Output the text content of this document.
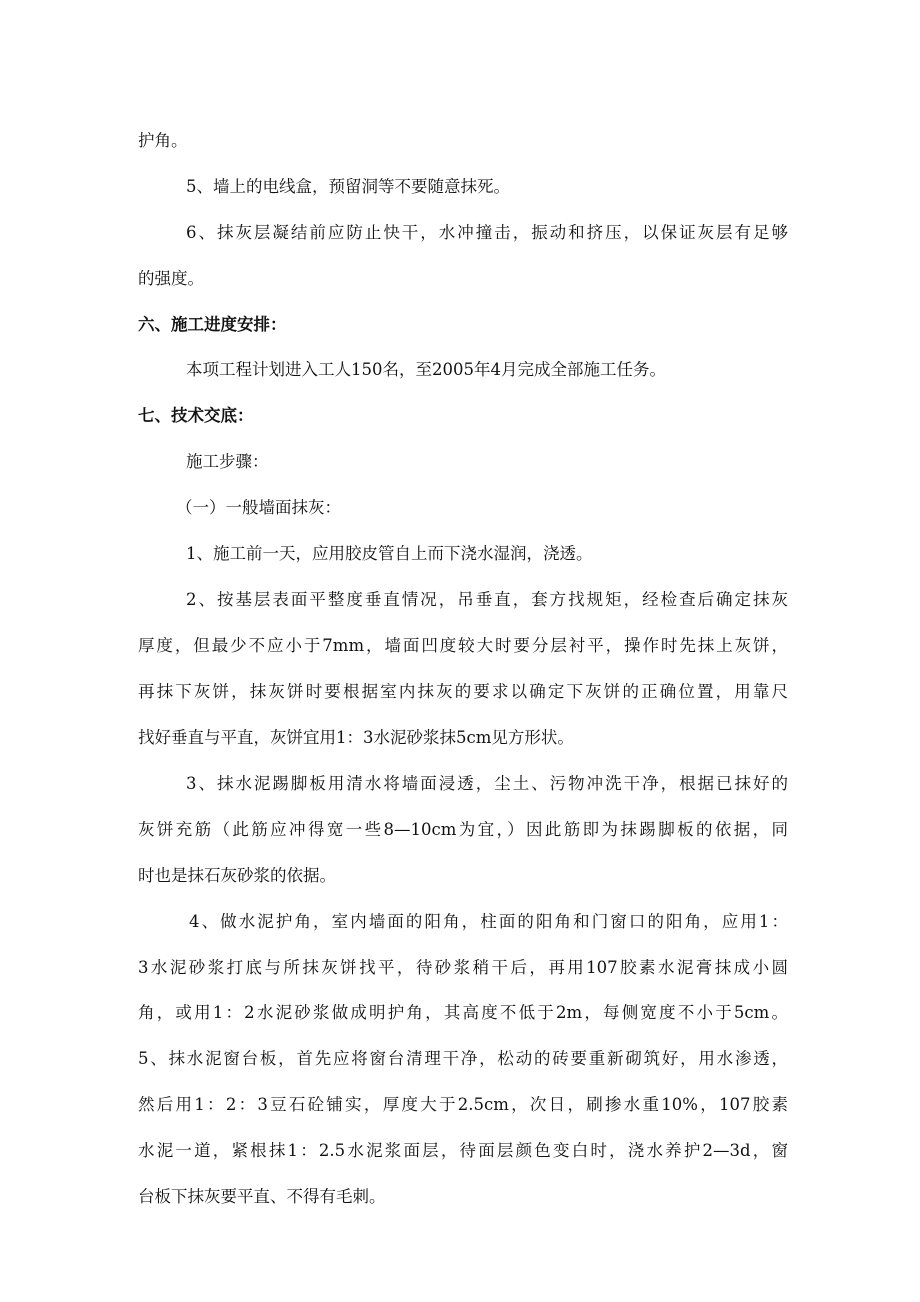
护角。
5、墙上的电线盒，预留洞等不要随意抹死。
6、抹灰层凝结前应防止快干，水冲撞击，振动和挤压，以保证灰层有足够
的强度。
六、施工进度安排：
本项工程计划进入工人150名，至2005年4月完成全部施工任务。
七、技术交底：
施工步骤：
（一）一般墙面抹灰：
1、施工前一天，应用胶皮管自上而下浇水湿润，浇透。
2、按基层表面平整度垂直情况，吊垂直，套方找规矩，经检查后确定抹灰
厚度，但最少不应小于7mm，墙面凹度较大时要分层衬平，操作时先抹上灰饼，
再抹下灰饼，抹灰饼时要根据室内抹灰的要求以确定下灰饼的正确位置，用靠尺
找好垂直与平直，灰饼宜用1：3水泥砂浆抹5cm见方形状。
3、抹水泥踢脚板用清水将墙面浸透，尘土、污物冲洗干净，根据已抹好的
灰饼充筋（此筋应冲得宽一些8—10cm为宜，）因此筋即为抹踢脚板的依据，同
时也是抹石灰砂浆的依据。
4、做水泥护角，室内墙面的阳角，柱面的阳角和门窗口的阳角，应用1：
3水泥砂浆打底与所抹灰饼找平，待砂浆稍干后，再用107胶素水泥膏抹成小圆
角，或用1：2水泥砂浆做成明护角，其高度不低于2m，每侧宽度不小于5cm。
5、抹水泥窗台板，首先应将窗台清理干净，松动的砖要重新砌筑好，用水渗透，
然后用1：2：3豆石砼铺实，厚度大于2.5cm，次日，刷掺水重10%，107胶素
水泥一道，紧根抹1：2.5水泥浆面层，待面层颜色变白时，浇水养护2—3d，窗
台板下抹灰要平直、不得有毛刺。
